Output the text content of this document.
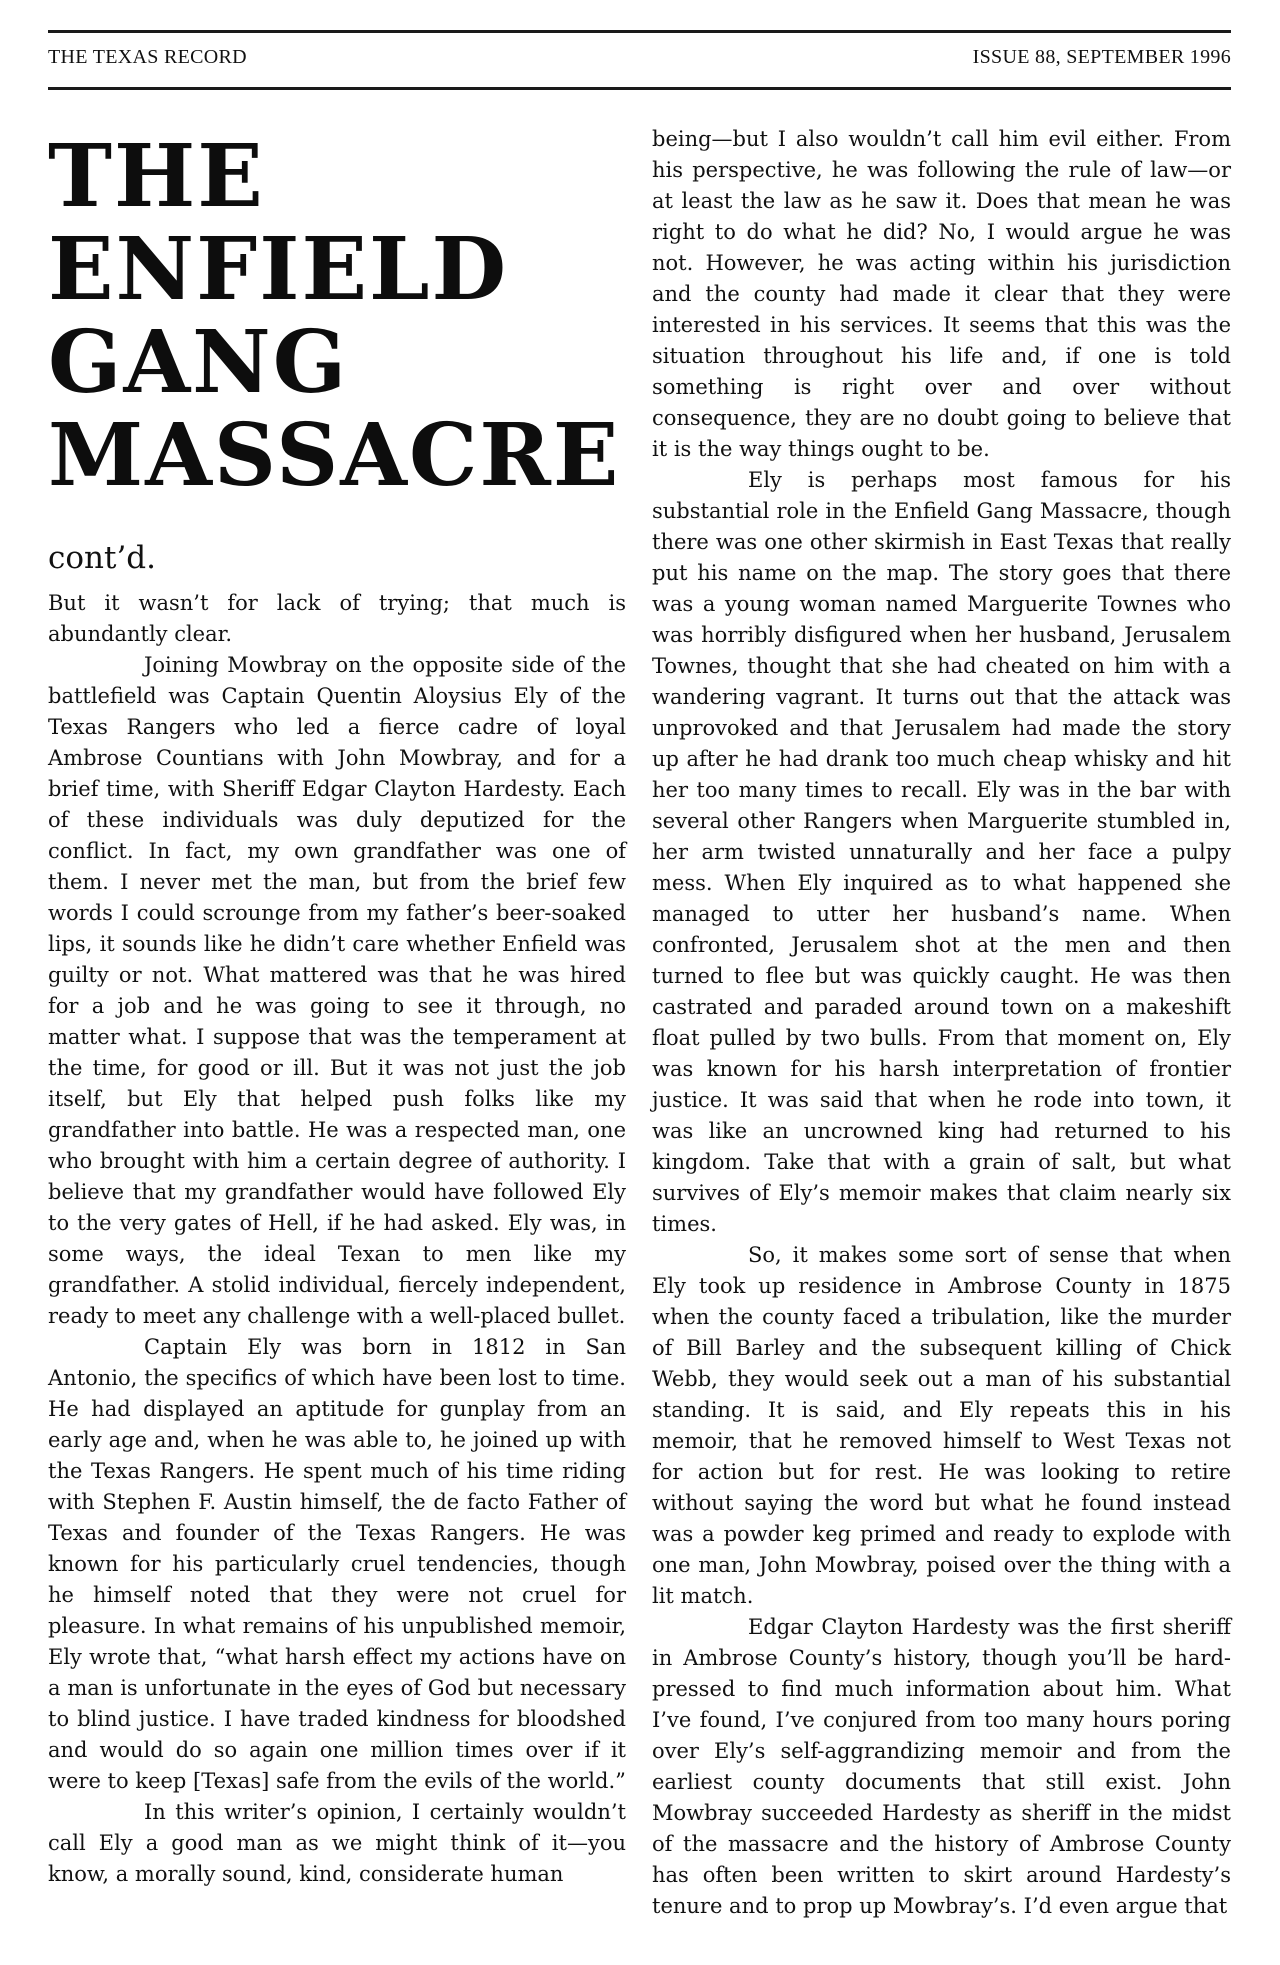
THE TEXAS RECORD	ISSUE 88, SEPTEMBER 1996
THE
ENFIELD
GANG
MASSACRE
cont’d.

But it wasn’t for lack of trying; that much is abundantly clear.

Joining Mowbray on the opposite side of the battlefield was Captain Quentin Aloysius Ely of the Texas Rangers who led a fierce cadre of loyal Ambrose Countians with John Mowbray, and for a brief time, with Sheriff Edgar Clayton Hardesty. Each of these individuals was duly deputized for the conflict. In fact, my own grandfather was one of them. I never met the man, but from the brief few words I could scrounge from my father’s beer-soaked lips, it sounds like he didn’t care whether Enfield was guilty or not. What mattered was that he was hired for a job and he was going to see it through, no matter what. I suppose that was the temperament at the time, for good or ill. But it was not just the job itself, but Ely that helped push folks like my grandfather into battle. He was a respected man, one who brought with him a certain degree of authority. I believe that my grandfather would have followed Ely to the very gates of Hell, if he had asked. Ely was, in some ways, the ideal Texan to men like my grandfather. A stolid individual, fiercely independent, ready to meet any challenge with a well-placed bullet.

Captain Ely was born in 1812 in San Antonio, the specifics of which have been lost to time. He had displayed an aptitude for gunplay from an early age and, when he was able to, he joined up with the Texas Rangers. He spent much of his time riding with Stephen F. Austin himself, the de facto Father of Texas and founder of the Texas Rangers. He was known for his particularly cruel tendencies, though he himself noted that they were not cruel for pleasure. In what remains of his unpublished memoir, Ely wrote that, “what harsh effect my actions have on a man is unfortunate in the eyes of God but necessary to blind justice. I have traded kindness for bloodshed and would do so again one million times over if it were to keep [Texas] safe from the evils of the world.”

In this writer’s opinion, I certainly wouldn’t call Ely a good man as we might think of it—you know, a morally sound, kind, considerate human

being—but I also wouldn’t call him evil either. From his perspective, he was following the rule of law—or at least the law as he saw it. Does that mean he was right to do what he did? No, I would argue he was not. However, he was acting within his jurisdiction and the county had made it clear that they were interested in his services. It seems that this was the situation throughout his life and, if one is told something is right over and over without consequence, they are no doubt going to believe that it is the way things ought to be.

Ely is perhaps most famous for his substantial role in the Enfield Gang Massacre, though there was one other skirmish in East Texas that really put his name on the map. The story goes that there was a young woman named Marguerite Townes who was horribly disfigured when her husband, Jerusalem Townes, thought that she had cheated on him with a wandering vagrant. It turns out that the attack was unprovoked and that Jerusalem had made the story up after he had drank too much cheap whisky and hit her too many times to recall. Ely was in the bar with several other Rangers when Marguerite stumbled in, her arm twisted unnaturally and her face a pulpy mess. When Ely inquired as to what happened she managed to utter her husband’s name. When confronted, Jerusalem shot at the men and then turned to flee but was quickly caught. He was then castrated and paraded around town on a makeshift float pulled by two bulls. From that moment on, Ely was known for his harsh interpretation of frontier justice. It was said that when he rode into town, it was like an uncrowned king had returned to his kingdom. Take that with a grain of salt, but what survives of Ely’s memoir makes that claim nearly six times.

So, it makes some sort of sense that when Ely took up residence in Ambrose County in 1875 when the county faced a tribulation, like the murder of Bill Barley and the subsequent killing of Chick Webb, they would seek out a man of his substantial standing. It is said, and Ely repeats this in his memoir, that he removed himself to West Texas not for action but for rest. He was looking to retire without saying the word but what he found instead was a powder keg primed and ready to explode with one man, John Mowbray, poised over the thing with a lit match.

Edgar Clayton Hardesty was the first sheriff in Ambrose County’s history, though you’ll be hard-pressed to find much information about him. What I’ve found, I’ve conjured from too many hours poring over Ely’s self-aggrandizing memoir and from the earliest county documents that still exist. John Mowbray succeeded Hardesty as sheriff in the midst of the massacre and the history of Ambrose County has often been written to skirt around Hardesty’s tenure and to prop up Mowbray’s. I’d even argue that
